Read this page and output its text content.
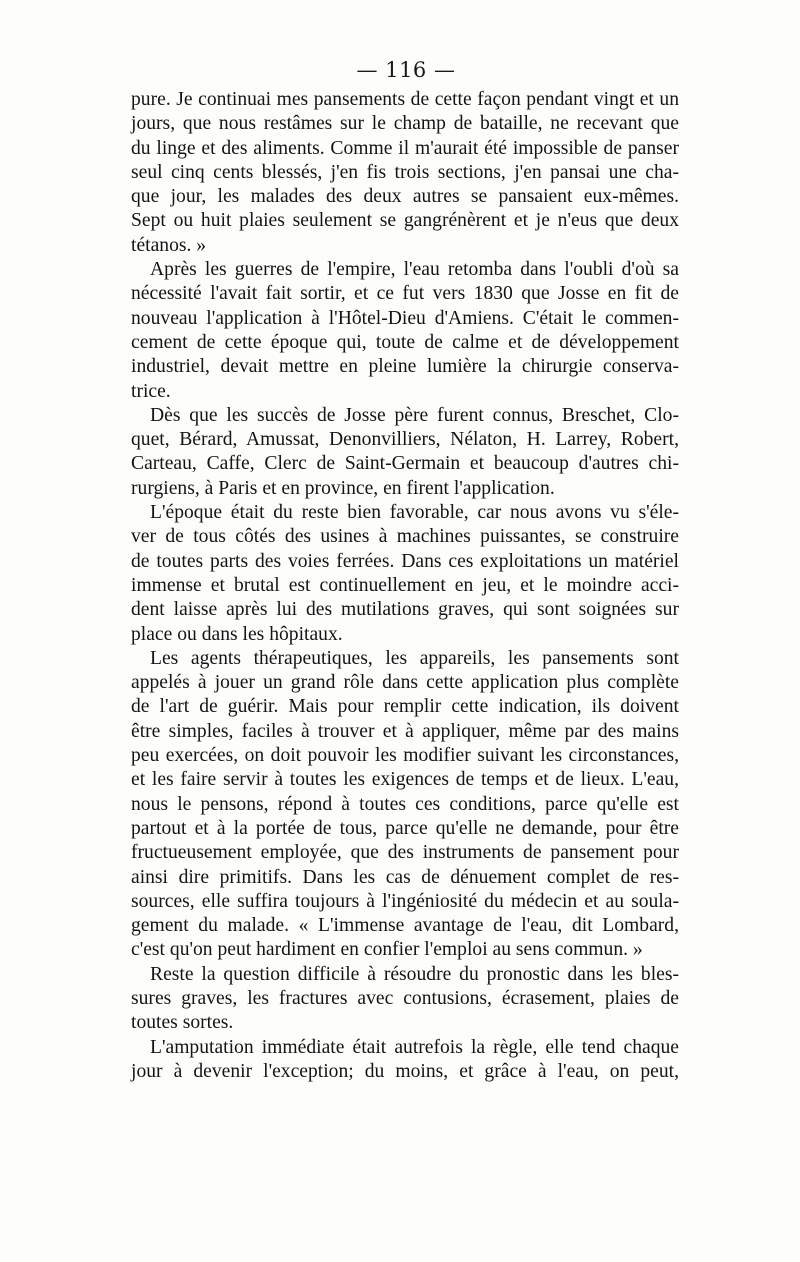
— 116 —
pure. Je continuai mes pansements de cette façon pendant vingt et un
jours, que nous restâmes sur le champ de bataille, ne recevant que
du linge et des aliments. Comme il m'aurait été impossible de panser
seul cinq cents blessés, j'en fis trois sections, j'en pansai une cha-
que jour, les malades des deux autres se pansaient eux-mêmes.
Sept ou huit plaies seulement se gangrénèrent et je n'eus que deux
tétanos. »
Après les guerres de l'empire, l'eau retomba dans l'oubli d'où sa
nécessité l'avait fait sortir, et ce fut vers 1830 que Josse en fit de
nouveau l'application à l'Hôtel-Dieu d'Amiens. C'était le commen-
cement de cette époque qui, toute de calme et de développement
industriel, devait mettre en pleine lumière la chirurgie conserva-
trice.
Dès que les succès de Josse père furent connus, Breschet, Clo-
quet, Bérard, Amussat, Denonvilliers, Nélaton, H. Larrey, Robert,
Carteau, Caffe, Clerc de Saint-Germain et beaucoup d'autres chi-
rurgiens, à Paris et en province, en firent l'application.
L'époque était du reste bien favorable, car nous avons vu s'éle-
ver de tous côtés des usines à machines puissantes, se construire
de toutes parts des voies ferrées. Dans ces exploitations un matériel
immense et brutal est continuellement en jeu, et le moindre acci-
dent laisse après lui des mutilations graves, qui sont soignées sur
place ou dans les hôpitaux.
Les agents thérapeutiques, les appareils, les pansements sont
appelés à jouer un grand rôle dans cette application plus complète
de l'art de guérir. Mais pour remplir cette indication, ils doivent
être simples, faciles à trouver et à appliquer, même par des mains
peu exercées, on doit pouvoir les modifier suivant les circonstances,
et les faire servir à toutes les exigences de temps et de lieux. L'eau,
nous le pensons, répond à toutes ces conditions, parce qu'elle est
partout et à la portée de tous, parce qu'elle ne demande, pour être
fructueusement employée, que des instruments de pansement pour
ainsi dire primitifs. Dans les cas de dénuement complet de res-
sources, elle suffira toujours à l'ingéniosité du médecin et au soula-
gement du malade. « L'immense avantage de l'eau, dit Lombard,
c'est qu'on peut hardiment en confier l'emploi au sens commun. »
Reste la question difficile à résoudre du pronostic dans les bles-
sures graves, les fractures avec contusions, écrasement, plaies de
toutes sortes.
L'amputation immédiate était autrefois la règle, elle tend chaque
jour à devenir l'exception; du moins, et grâce à l'eau, on peut,
